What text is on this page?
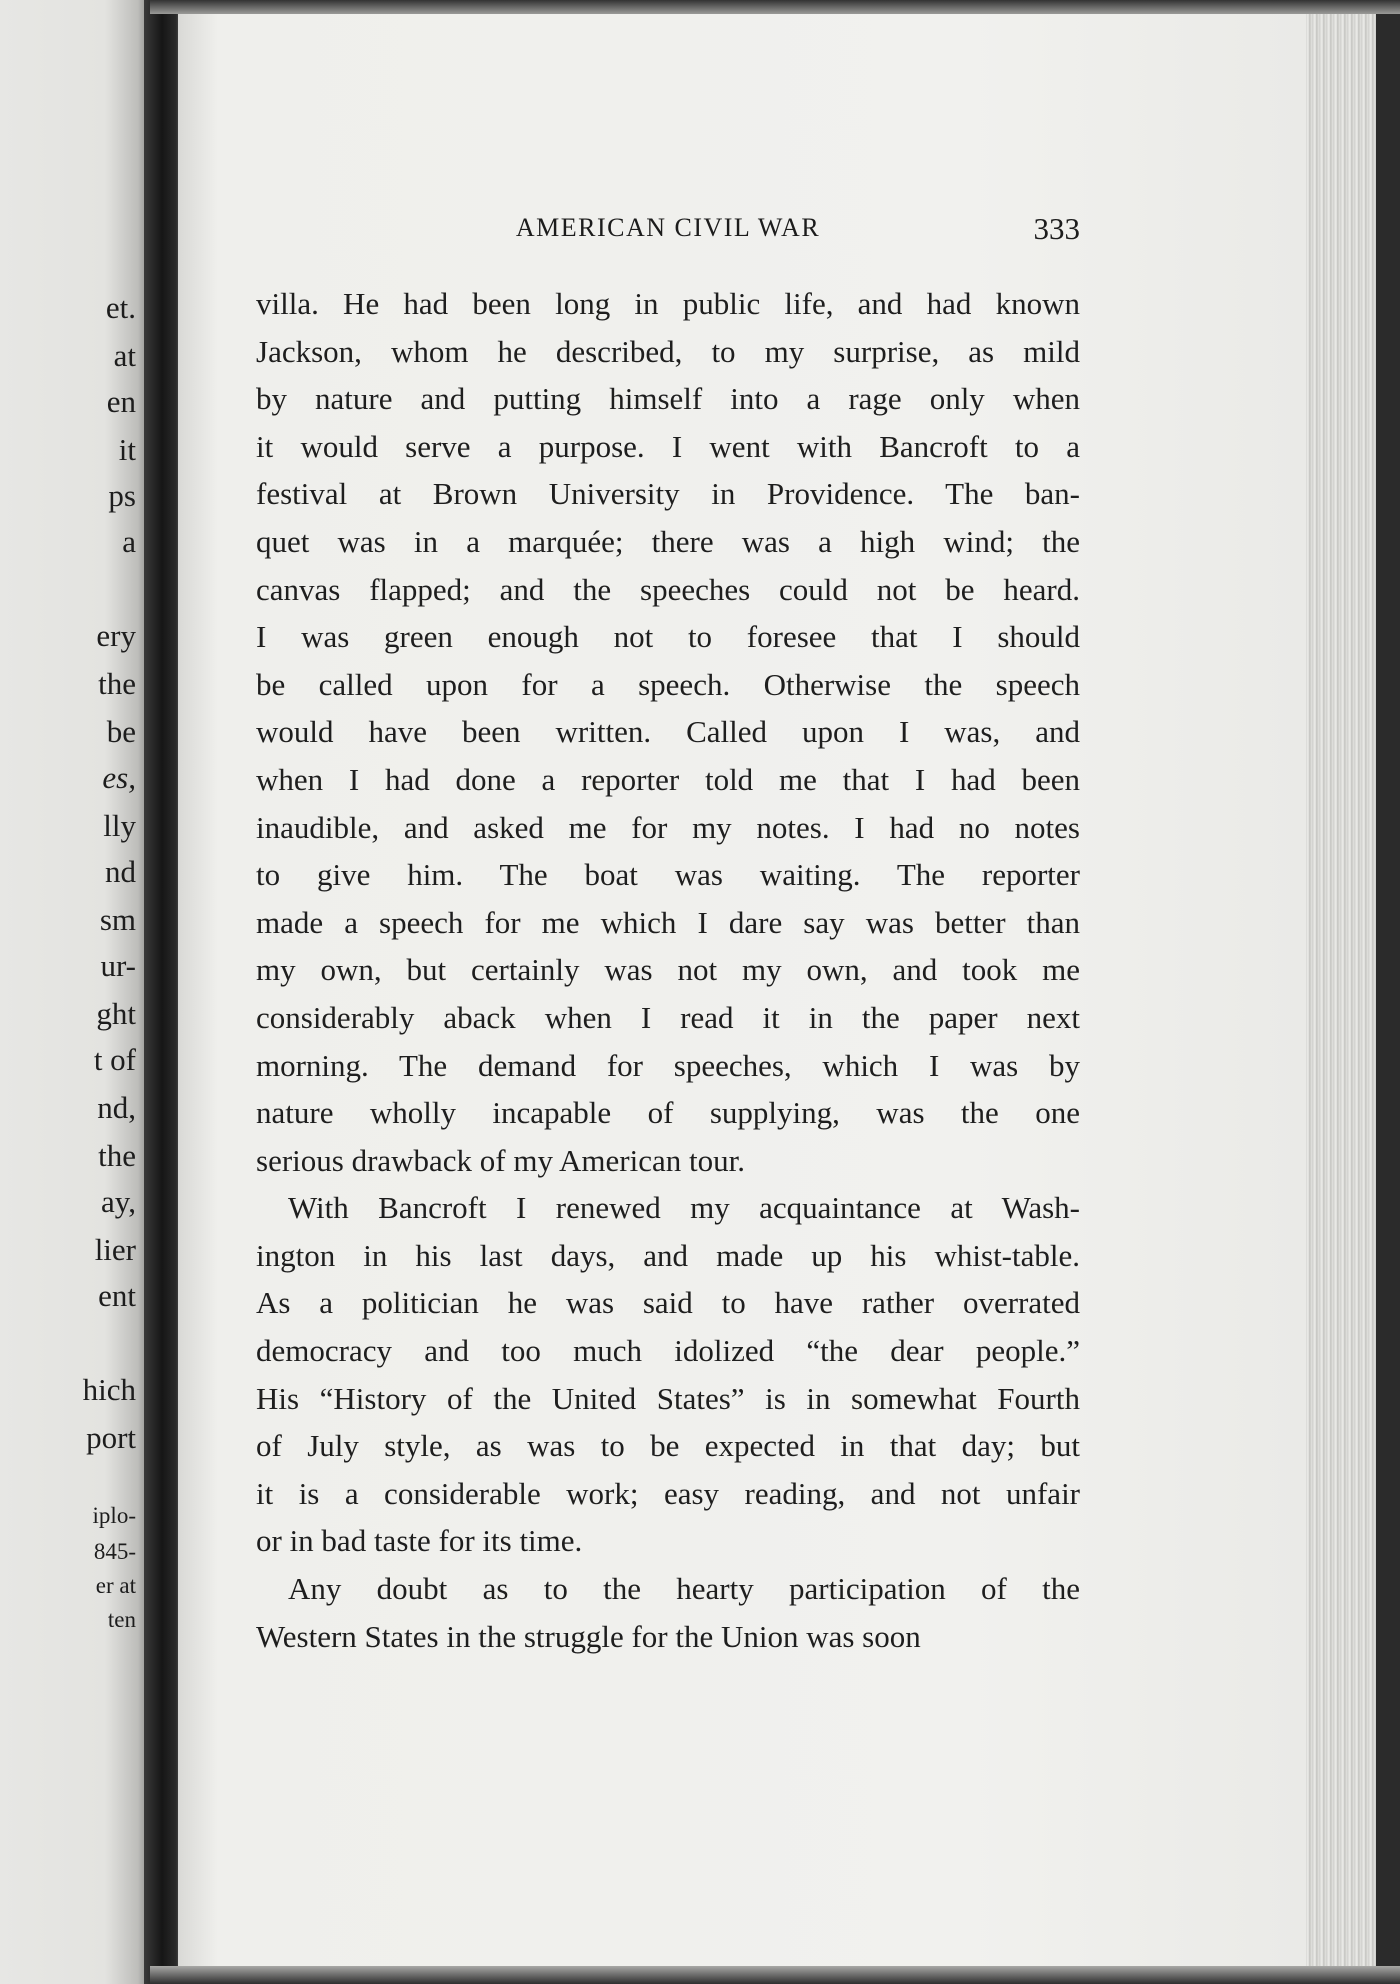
et.

at

en

it

ps

a

ery

the

be

es,

lly

nd

sm

ur-

ght

t of

nd,

the

ay,

lier

ent

hich

port

iplo-

845-

er at

ten

AMERICAN CIVIL WAR	333

villa. He had been long in public life, and had known

Jackson, whom he described, to my surprise, as mild

by nature and putting himself into a rage only when

it would serve a purpose. I went with Bancroft to a

festival at Brown University in Providence. The ban-

quet was in a marquée; there was a high wind; the

canvas flapped; and the speeches could not be heard.

I was green enough not to foresee that I should

be called upon for a speech. Otherwise the speech

would have been written. Called upon I was, and

when I had done a reporter told me that I had been

inaudible, and asked me for my notes. I had no notes

to give him. The boat was waiting. The reporter

made a speech for me which I dare say was better than

my own, but certainly was not my own, and took me

considerably aback when I read it in the paper next

morning. The demand for speeches, which I was by

nature wholly incapable of supplying, was the one

serious drawback of my American tour.

With Bancroft I renewed my acquaintance at Wash-

ington in his last days, and made up his whist-table.

As a politician he was said to have rather overrated

democracy and too much idolized “the dear people.”

His “History of the United States” is in somewhat Fourth

of July style, as was to be expected in that day; but

it is a considerable work; easy reading, and not unfair

or in bad taste for its time.

Any doubt as to the hearty participation of the

Western States in the struggle for the Union was soon
